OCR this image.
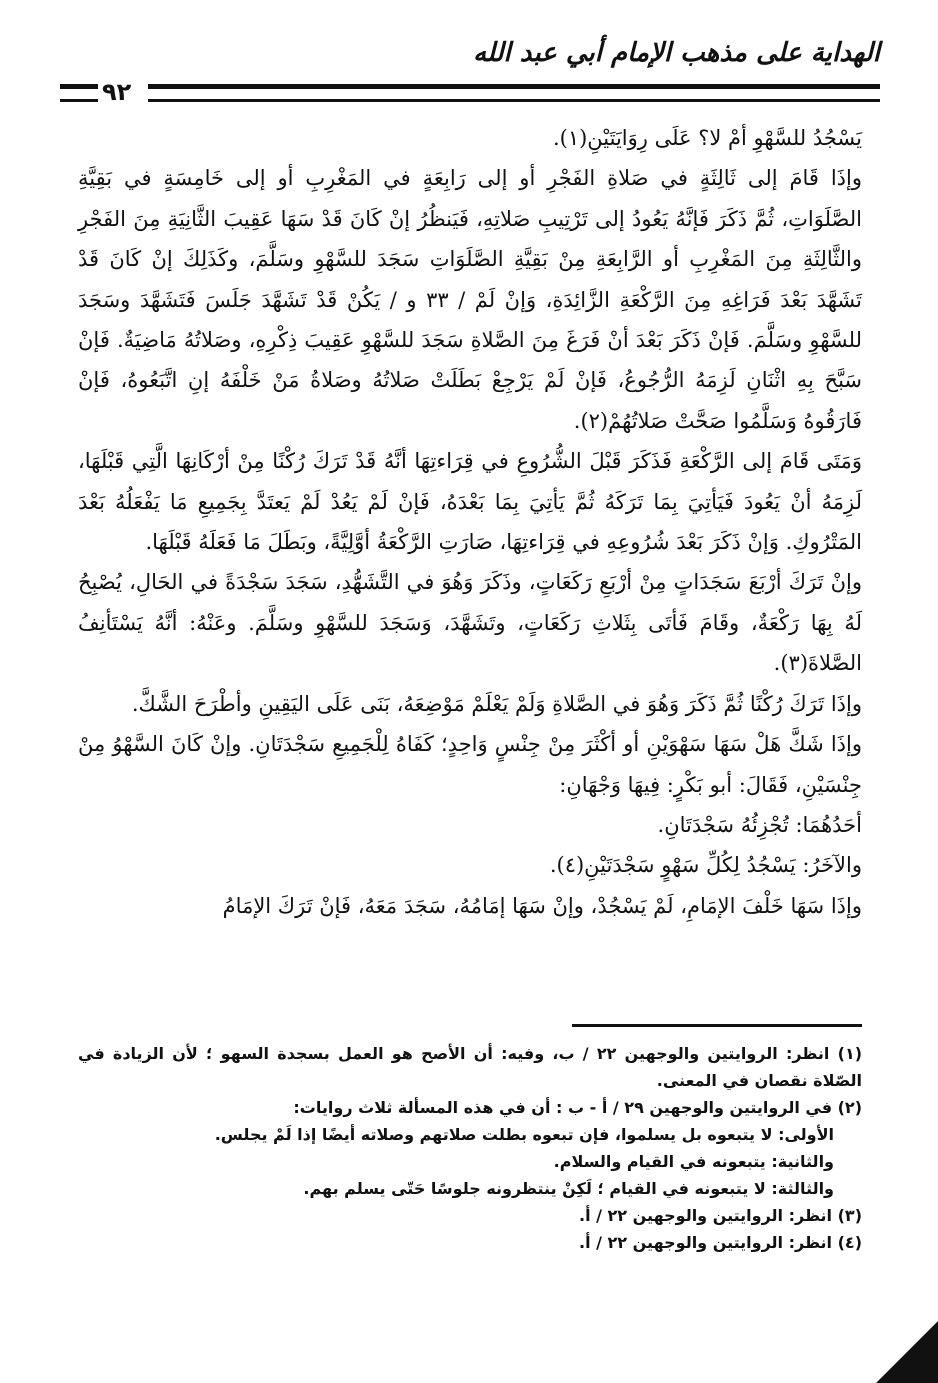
الهداية على مذهب الإمام أبي عبد الله
٩٢

يَسْجُدُ للسَّهْوِ أمْ لا؟ عَلَى رِوَايَتَيْنِ(١).

وإذَا قَامَ إلى ثَالِثَةٍ في صَلاةِ الفَجْرِ أو إلى رَابِعَةٍ في المَغْرِبِ أو إلى خَامِسَةٍ في بَقِيَّةِ الصَّلَوَاتِ، ثُمَّ ذَكَرَ فَإنَّهُ يَعُودُ إلى تَرْتِيبِ صَلاتِهِ، فَيَنظُرُ إنْ كَانَ قَدْ سَهَا عَقِيبَ الثَّانِيَةِ مِنَ الفَجْرِ والثَّالِثَةِ مِنَ المَغْرِبِ أو الرَّابِعَةِ مِنْ بَقِيَّةِ الصَّلَوَاتِ سَجَدَ للسَّهْوِ وسَلَّمَ، وكَذَلِكَ إنْ كَانَ قَدْ تَشَهَّدَ بَعْدَ فَرَاغِهِ مِنَ الرَّكْعَةِ الزَّائِدَةِ، وَإنْ لَمْ / ٣٣ و / يَكُنْ قَدْ تَشَهَّدَ جَلَسَ فَتَشَهَّدَ وسَجَدَ للسَّهْوِ وسَلَّمَ. فَإنْ ذَكَرَ بَعْدَ أنْ فَرَغَ مِنَ الصَّلاةِ سَجَدَ للسَّهْوِ عَقِيبَ ذِكْرِهِ، وصَلاتُهُ مَاضِيَةٌ. فَإنْ سَبَّحَ بِهِ اثْنَانِ لَزِمَهُ الرُّجُوعُ، فَإنْ لَمْ يَرْجِعْ بَطَلَتْ صَلاتُهُ وصَلاةُ مَنْ خَلْفَهُ إنِ اتَّبَعُوهُ، فَإنْ فَارَقُوهُ وَسَلَّمُوا صَحَّتْ صَلاتُهُمْ(٢).

وَمَتَى قَامَ إلى الرَّكْعَةِ فَذَكَرَ قَبْلَ الشُّرُوعِ في قِرَاءتِهَا أنَّهُ قَدْ تَرَكَ رُكْنًا مِنْ أرْكَانِهَا الَّتِي قَبْلَهَا، لَزِمَهُ أنْ يَعُودَ فَيَأتِيَ بِمَا تَرَكَهُ ثُمَّ يَأتِيَ بِمَا بَعْدَهُ، فَإنْ لَمْ يَعُدْ لَمْ يَعتَدَّ بِجَمِيعِ مَا يَفْعَلُهُ بَعْدَ المَتْرُوكِ. وَإنْ ذَكَرَ بَعْدَ شُرُوعِهِ في قِرَاءتِهَا، صَارَتِ الرَّكْعَةُ أوَّلِيَّةً، وبَطَلَ مَا فَعَلَهُ قَبْلَهَا.

وإنْ تَرَكَ أرْبَعَ سَجَدَاتٍ مِنْ أرْبَعِ رَكَعَاتٍ، وذَكَرَ وَهُوَ في التَّشَهُّدِ، سَجَدَ سَجْدَةً في الحَالِ، يُصْبِحُ لَهُ بِهَا رَكْعَةٌ، وقَامَ فَأتَى بِثَلاثِ رَكَعَاتٍ، وتَشَهَّدَ، وَسَجَدَ للسَّهْوِ وسَلَّمَ. وعَنْهُ: أنَّهُ يَسْتَأنِفُ الصَّلاةَ(٣).

وإذَا تَرَكَ رُكْنًا ثُمَّ ذَكَرَ وَهُوَ في الصَّلاةِ وَلَمْ يَعْلَمْ مَوْضِعَهُ، بَنَى عَلَى اليَقِينِ وأطْرَحَ الشَّكَّ.

وإذَا شَكَّ هَلْ سَهَا سَهْوَيْنِ أو أكْثَرَ مِنْ جِنْسٍ وَاحِدٍ؛ كَفَاهُ لِلْجَمِيعِ سَجْدَتَانِ. وإنْ كَانَ السَّهْوُ مِنْ جِنْسَيْنِ، فَقَالَ: أبو بَكْرٍ: فِيهَا وَجْهَانِ:

أحَدُهُمَا: تُجْزِئُهُ سَجْدَتَانِ.

والآخَرُ: يَسْجُدُ لِكُلِّ سَهْوٍ سَجْدَتَيْنِ(٤).

وإذَا سَهَا خَلْفَ الإمَامِ، لَمْ يَسْجُدْ، وإنْ سَهَا إمَامُهُ، سَجَدَ مَعَهُ، فَإنْ تَرَكَ الإمَامُ

(١) انظر: الروايتين والوجهين ٢٢ / ب، وفيه: أن الأصح هو العمل بسجدة السهو ؛ لأن الزيادة في الصّلاة نقصان في المعنى.

(٢) في الروايتين والوجهين ٢٩ / أ - ب : أن في هذه المسألة ثلاث روايات:

الأولى: لا يتبعوه بل يسلموا، فإن تبعوه بطلت صلاتهم وصلاته أيضًا إذا لَمْ يجلس.

والثانية: يتبعونه في القيام والسلام.

والثالثة: لا يتبعونه في القيام ؛ لَكِنْ ينتظرونه جلوسًا حَتّى يسلم بهم.

(٣) انظر: الروايتين والوجهين ٢٢ / أ.

(٤) انظر: الروايتين والوجهين ٢٢ / أ.
